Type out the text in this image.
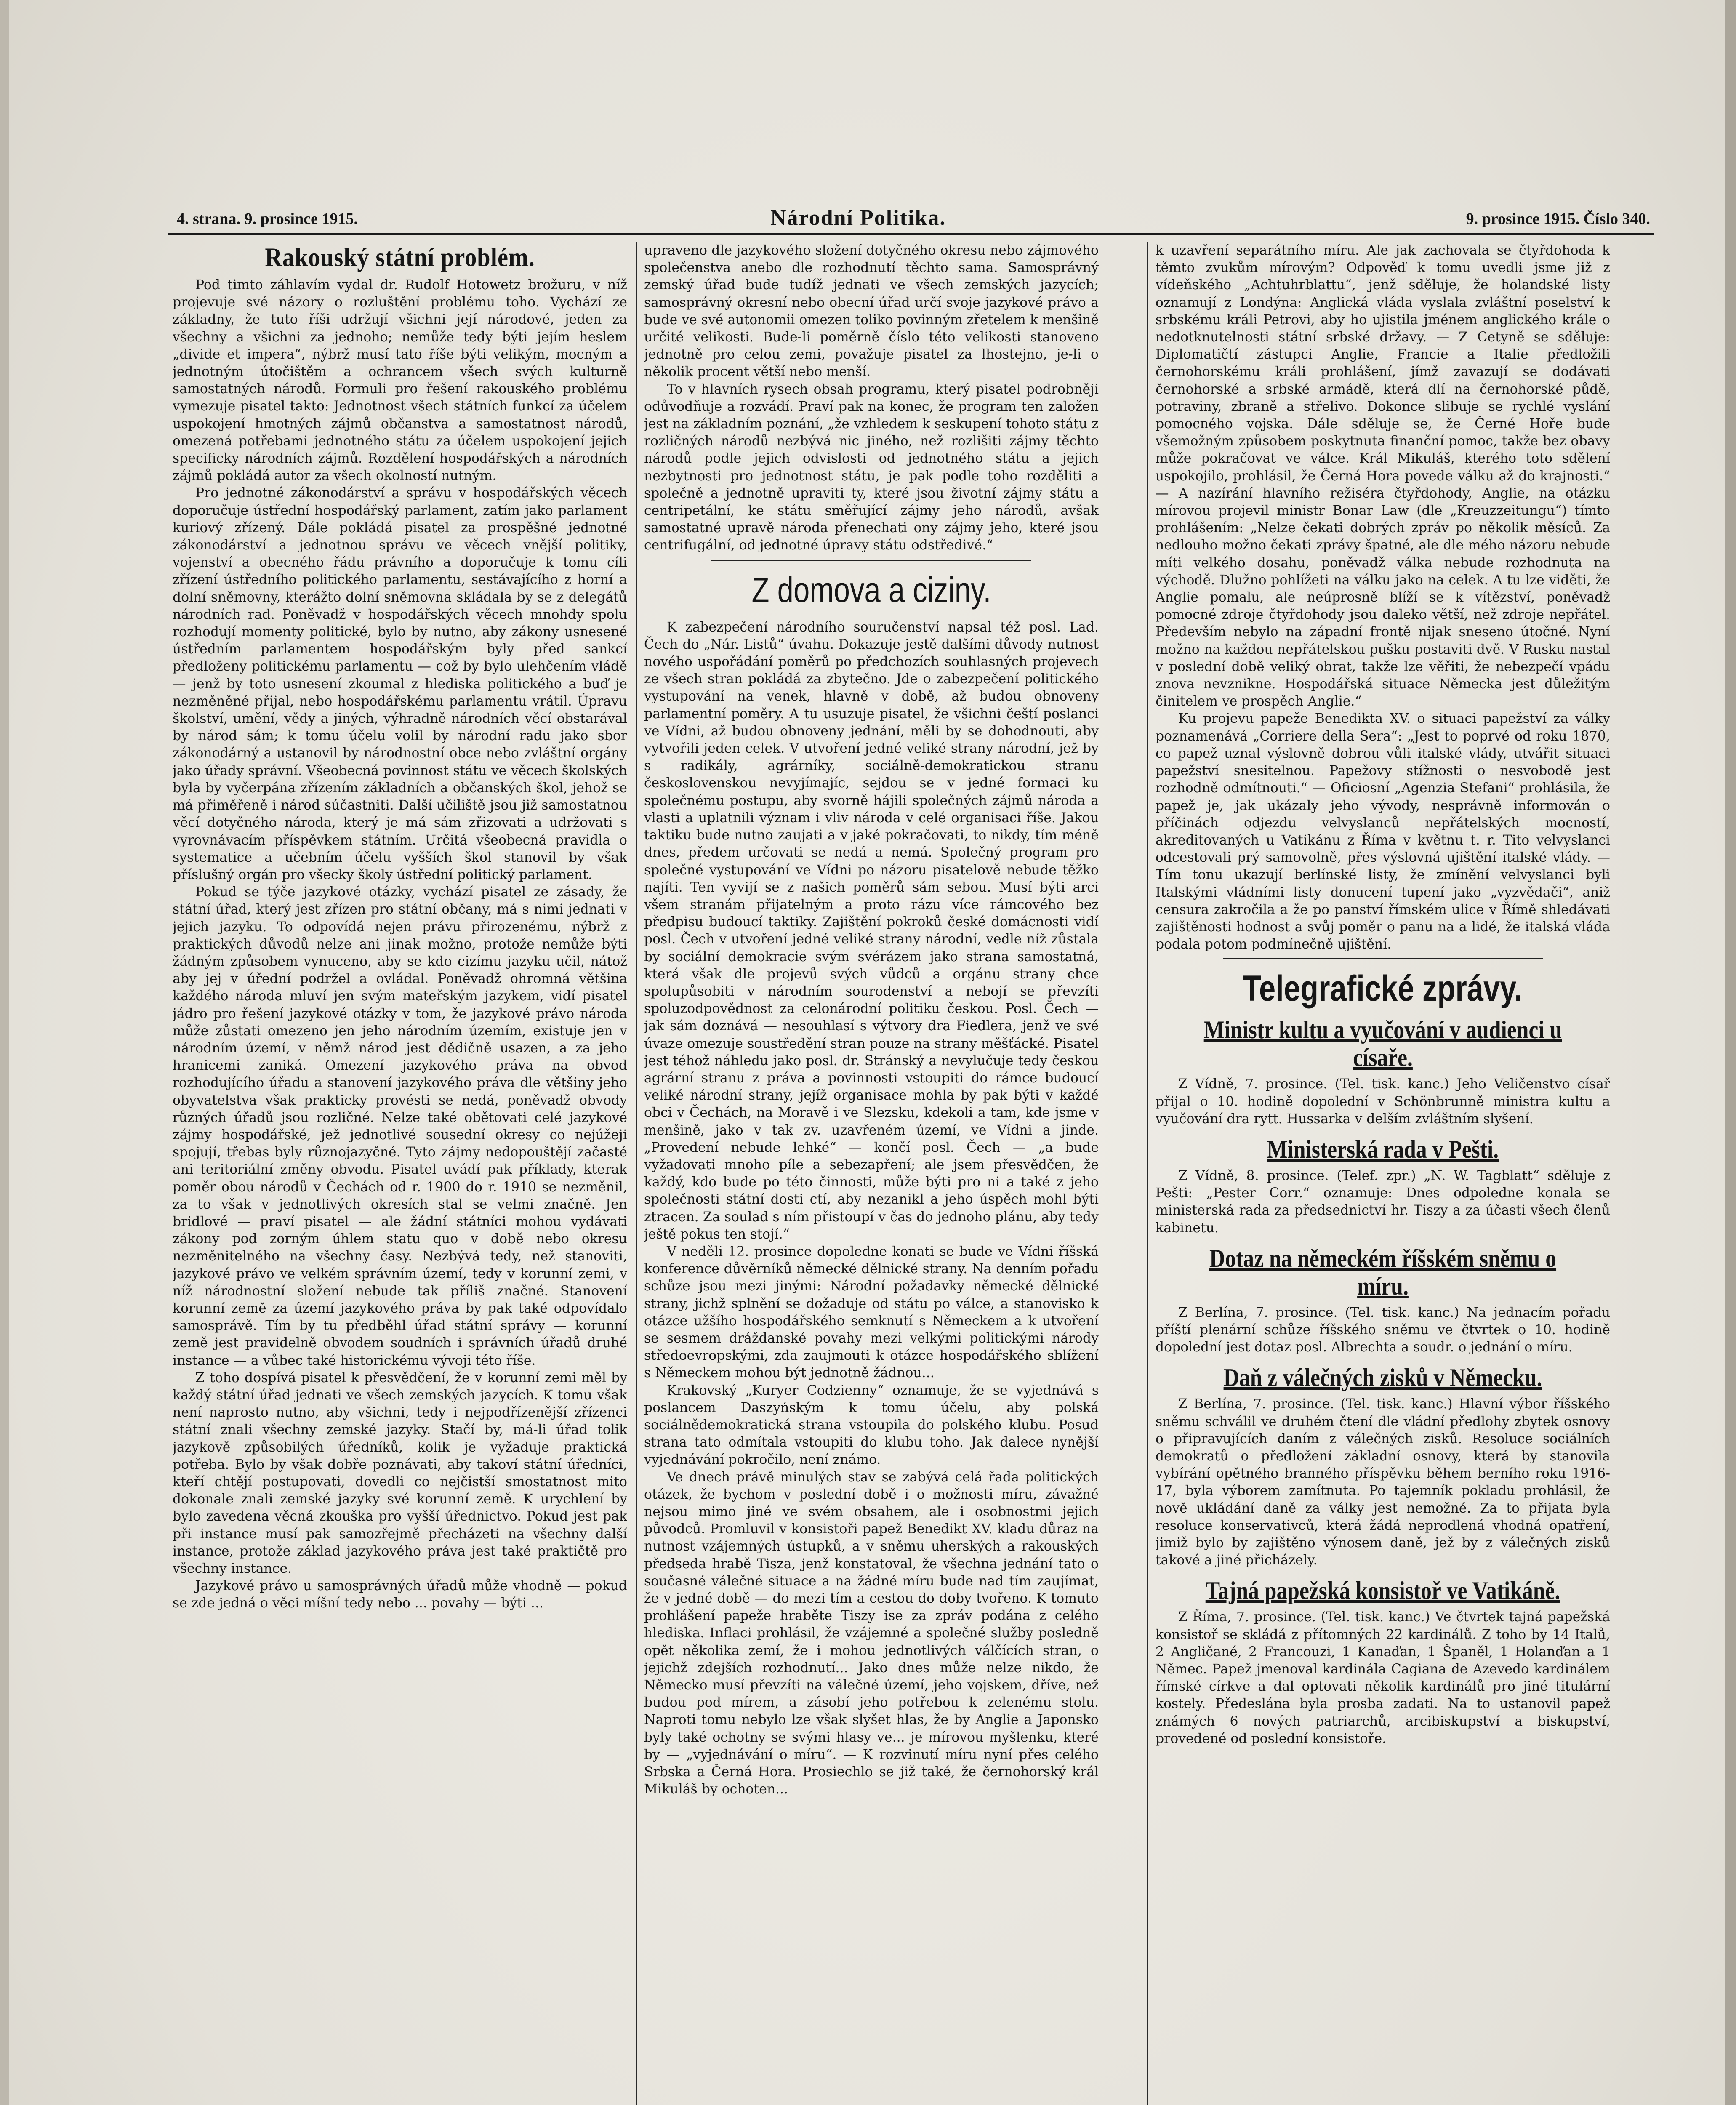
4. strana. 9. prosince 1915.	Národní Politika.	9. prosince 1915. Číslo 340.
Rakouský státní problém.

Pod timto záhlavím vydal dr. Rudolf Hotowetz brožuru, v níž projevuje své názory o rozluštění problému toho. Vychází ze základny, že tuto říši udržují všichni její národové, jeden za všechny a všichni za jednoho; nemůže tedy býti jejím heslem „divide et impera“, nýbrž musí tato říše býti velikým, mocným a jednotným útočištěm a ochrancem všech svých kulturně samostatných národů. Formuli pro řešení rakouského problému vymezuje pisatel takto: Jednotnost všech státních funkcí za účelem uspokojení hmotných zájmů občanstva a samostatnost národů, omezená potřebami jednotného státu za účelem uspokojení jejich specificky národních zájmů. Rozdělení hospodářských a národních zájmů pokládá autor za všech okolností nutným.

Pro jednotné zákonodárství a správu v hospodářských věcech doporučuje ústřední hospodářský parlament, zatím jako parlament kuriový zřízený. Dále pokládá pisatel za prospěšné jednotné zákonodárství a jednotnou správu ve věcech vnější politiky, vojenství a obecného řádu právního a doporučuje k tomu cíli zřízení ústředního politického parlamentu, sestávajícího z horní a dolní sněmovny, kterážto dolní sněmovna skládala by se z delegátů národních rad. Poněvadž v hospodářských věcech mnohdy spolu rozhodují momenty politické, bylo by nutno, aby zákony usnesené ústředním parlamentem hospodářským byly před sankcí předloženy politickému parlamentu — což by bylo ulehčením vládě — jenž by toto usnesení zkoumal z hlediska politického a buď je nezměněné přijal, nebo hospodářskému parlamentu vrátil. Úpravu školství, umění, vědy a jiných, výhradně národních věcí obstarával by národ sám; k tomu účelu volil by národní radu jako sbor zákonodárný a ustanovil by národnostní obce nebo zvláštní orgány jako úřady správní. Všeobecná povinnost státu ve věcech školských byla by vyčerpána zřízením základních a občanských škol, jehož se má přiměřeně i národ súčastniti. Další učiliště jsou již samostatnou věcí dotyčného národa, který je má sám zřizovati a udržovati s vyrovnávacím příspěvkem státním. Určitá všeobecná pravidla o systematice a učebním účelu vyšších škol stanovil by však příslušný orgán pro všecky školy ústřední politický parlament.

Pokud se týče jazykové otázky, vychází pisatel ze zásady, že státní úřad, který jest zřízen pro státní občany, má s nimi jednati v jejich jazyku. To odpovídá nejen právu přirozenému, nýbrž z praktických důvodů nelze ani jinak možno, protože nemůže býti žádným způsobem vynuceno, aby se kdo cizímu jazyku učil, nátož aby jej v úřední podržel a ovládal. Poněvadž ohromná většina každého národa mluví jen svým mateřským jazykem, vidí pisatel jádro pro řešení jazykové otázky v tom, že jazykové právo národa může zůstati omezeno jen jeho národním územím, existuje jen v národním území, v němž národ jest dědičně usazen, a za jeho hranicemi zaniká. Omezení jazykového práva na obvod rozhodujícího úřadu a stanovení jazykového práva dle většiny jeho obyvatelstva však prakticky provésti se nedá, poněvadž obvody různých úřadů jsou rozličné. Nelze také obětovati celé jazykové zájmy hospodářské, jež jednotlivé sousední okresy co nejúžeji spojují, třebas byly různojazyčné. Tyto zájmy nedopouštějí začasté ani teritoriální změny obvodu. Pisatel uvádí pak příklady, kterak poměr obou národů v Čechách od r. 1900 do r. 1910 se nezměnil, za to však v jednotlivých okresích stal se velmi značně. Jen bridlové — praví pisatel — ale žádní státníci mohou vydávati zákony pod zorným úhlem statu quo v době nebo okresu nezměnitelného na všechny časy. Nezbývá tedy, než stanoviti, jazykové právo ve velkém správním území, tedy v korunní zemi, v níž národnostní složení nebude tak příliš značné. Stanovení korunní země za území jazykového práva by pak také odpovídalo samosprávě. Tím by tu předběhl úřad státní správy — korunní země jest pravidelně obvodem soudních i správních úřadů druhé instance — a vůbec také historickému vývoji této říše.

Z toho dospívá pisatel k přesvědčení, že v korunní zemi měl by každý státní úřad jednati ve všech zemských jazycích. K tomu však není naprosto nutno, aby všichni, tedy i nejpodřízenější zřízenci státní znali všechny zemské jazyky. Stačí by, má-li úřad tolik jazykově způsobilých úředníků, kolik je vyžaduje praktická potřeba. Bylo by však dobře poznávati, aby takoví státní úředníci, kteří chtějí postupovati, dovedli co nejčistší smostatnost mito dokonale znali zemské jazyky své korunní země. K urychlení by bylo zavedena věcná zkouška pro vyšší úřednictvo. Pokud jest pak při instance musí pak samozřejmě přecházeti na všechny další instance, protože základ jazykového práva jest také praktičtě pro všechny instance.

Jazykové právo u samosprávných úřadů může vhodně — pokud se zde jedná o věci míšní tedy nebo ... povahy — býti ...

upraveno dle jazykového složení dotyčného okresu nebo zájmového společenstva anebo dle rozhodnutí těchto sama. Samosprávný zemský úřad bude tudíž jednati ve všech zemských jazycích; samosprávný okresní nebo obecní úřad určí svoje jazykové právo a bude ve své autonomii omezen toliko povinným zřetelem k menšině určité velikosti. Bude-li poměrně číslo této velikosti stanoveno jednotně pro celou zemi, považuje pisatel za lhostejno, je-li o několik procent větší nebo menší.

To v hlavních rysech obsah programu, který pisatel podrobněji odůvodňuje a rozvádí. Praví pak na konec, že program ten založen jest na základním poznání, „že vzhledem k seskupení tohoto státu z rozličných národů nezbývá nic jiného, než rozlišiti zájmy těchto národů podle jejich odvislosti od jednotného státu a jejich nezbytnosti pro jednotnost státu, je pak podle toho rozděliti a společně a jednotně upraviti ty, které jsou životní zájmy státu a centripetální, ke státu směřující zájmy jeho národů, avšak samostatné upravě národa přenechati ony zájmy jeho, které jsou centrifugální, od jednotné úpravy státu odstředivé.“

Z domova a ciziny.

K zabezpečení národního souručenství napsal též posl. Lad. Čech do „Nár. Listů“ úvahu. Dokazuje jestě dalšími důvody nutnost nového uspořádání poměrů po předchozích souhlasných projevech ze všech stran pokládá za zbytečno. Jde o zabezpečení politického vystupování na venek, hlavně v době, až budou obnoveny parlamentní poměry. A tu usuzuje pisatel, že všichni čeští poslanci ve Vídni, až budou obnoveny jednání, měli by se dohodnouti, aby vytvořili jeden celek. V utvoření jedné veliké strany národní, jež by s radikály, agrárníky, sociálně-demokratickou stranu československou nevyjímajíc, sejdou se v jedné formaci ku společnému postupu, aby svorně hájili společných zájmů národa a vlasti a uplatnili význam i vliv národa v celé organisaci říše. Jakou taktiku bude nutno zaujati a v jaké pokračovati, to nikdy, tím méně dnes, předem určovati se nedá a nemá. Společný program pro společné vystupování ve Vídni po názoru pisatelově nebude těžko najíti. Ten vyvijí se z našich poměrů sám sebou. Musí býti arci všem stranám přijatelným a proto rázu více rámcového bez předpisu budoucí taktiky. Zajištění pokroků české domácnosti vidí posl. Čech v utvoření jedné veliké strany národní, vedle níž zůstala by sociální demokracie svým svérázem jako strana samostatná, která však dle projevů svých vůdců a orgánu strany chce spolupůsobiti v národním sourodenství a nebojí se převzíti spoluzodpovědnost za celonárodní politiku českou. Posl. Čech — jak sám doznává — nesouhlasí s výtvory dra Fiedlera, jenž ve své úvaze omezuje soustředění stran pouze na strany měšťácké. Pisatel jest téhož náhledu jako posl. dr. Stránský a nevylučuje tedy českou agrární stranu z práva a povinnosti vstoupiti do rámce budoucí veliké národní strany, jejíž organisace mohla by pak býti v každé obci v Čechách, na Moravě i ve Slezsku, kdekoli a tam, kde jsme v menšině, jako v tak zv. uzavřeném území, ve Vídni a jinde. „Provedení nebude lehké“ — končí posl. Čech — „a bude vyžadovati mnoho píle a sebezapření; ale jsem přesvědčen, že každý, kdo bude po této činnosti, může býti pro ni a také z jeho společnosti státní dosti ctí, aby nezanikl a jeho úspěch mohl býti ztracen. Za soulad s ním přistoupí v čas do jednoho plánu, aby tedy ještě pokus ten stojí.“

V neděli 12. prosince dopoledne konati se bude ve Vídni říšská konference důvěrníků německé dělnické strany. Na denním pořadu schůze jsou mezi jinými: Národní požadavky německé dělnické strany, jichž splnění se dožaduje od státu po válce, a stanovisko k otázce užšího hospodářského semknutí s Německem a k utvoření se sesmem dráždanské povahy mezi velkými politickými národy středoevropskými, zda zaujmouti k otázce hospodářského sblížení s Německem mohou být jednotně žádnou...

Krakovský „Kuryer Codzienny“ oznamuje, že se vyjednává s poslancem Daszyńským k tomu účelu, aby polská sociálnědemokratická strana vstoupila do polského klubu. Posud strana tato odmítala vstoupiti do klubu toho. Jak dalece nynější vyjednávání pokročilo, není známo.

Ve dnech právě minulých stav se zabývá celá řada politických otázek, že bychom v poslední době i o možnosti míru, závažné nejsou mimo jiné ve svém obsahem, ale i osobnostmi jejich původců. Promluvil v konsistoři papež Benedikt XV. kladu důraz na nutnost vzájemných ústupků, a v sněmu uherských a rakouských předseda hrabě Tisza, jenž konstatoval, že všechna jednání tato o současné válečné situace a na žádné míru bude nad tím zaujímat, že v jedné době — do mezi tím a cestou do doby tvořeno. K tomuto prohlášení papeže hraběte Tiszy ise za zpráv podána z celého hlediska. Inflaci prohlásil, že vzájemné a společné služby posledně opět několika zemí, že i mohou jednotlivých válčících stran, o jejichž zdejších rozhodnutí... Jako dnes může nelze nikdo, že Německo musí převzíti na válečné území, jeho vojskem, dříve, než budou pod mírem, a zásobí jeho potřebou k zelenému stolu. Naproti tomu nebylo lze však slyšet hlas, že by Anglie a Japonsko byly také ochotny se svými hlasy ve... je mírovou myšlenku, které by — „vyjednávání o míru“. — K rozvinutí míru nyní přes celého Srbska a Černá Hora. Prosiechlo se již také, že černohorský král Mikuláš by ochoten...

k uzavření separátního míru. Ale jak zachovala se čtyřdohoda k těmto zvukům mírovým? Odpověď k tomu uvedli jsme již z vídeňského „Achtuhrblattu“, jenž sděluje, že holandské listy oznamují z Londýna: Anglická vláda vyslala zvláštní poselství k srbskému králi Petrovi, aby ho ujistila jménem anglického krále o nedotknutelnosti státní srbské državy. — Z Cetyně se sděluje: Diplomatičtí zástupci Anglie, Francie a Italie předložili černohorskému králi prohlášení, jímž zavazují se dodávati černohorské a srbské armádě, která dlí na černohorské půdě, potraviny, zbraně a střelivo. Dokonce slibuje se rychlé vyslání pomocného vojska. Dále sděluje se, že Černé Hoře bude všemožným způsobem poskytnuta finanční pomoc, takže bez obavy může pokračovat ve válce. Král Mikuláš, kterého toto sdělení uspokojilo, prohlásil, že Černá Hora povede válku až do krajnosti.“ — A nazírání hlavního režiséra čtyřdohody, Anglie, na otázku mírovou projevil ministr Bonar Law (dle „Kreuzzeitungu“) tímto prohlášením: „Nelze čekati dobrých zpráv po několik měsíců. Za nedlouho možno čekati zprávy špatné, ale dle mého názoru nebude míti velkého dosahu, poněvadž válka nebude rozhodnuta na východě. Dlužno pohlížeti na válku jako na celek. A tu lze viděti, že Anglie pomalu, ale neúprosně blíží se k vítězství, poněvadž pomocné zdroje čtyřdohody jsou daleko větší, než zdroje nepřátel. Především nebylo na západní frontě nijak sneseno útočné. Nyní možno na každou nepřátelskou pušku postaviti dvě. V Rusku nastal v poslední době veliký obrat, takže lze věřiti, že nebezpečí vpádu znova nevznikne. Hospodářská situace Německa jest důležitým činitelem ve prospěch Anglie.“

Ku projevu papeže Benedikta XV. o situaci papežství za války poznamenává „Corriere della Sera“: „Jest to poprvé od roku 1870, co papež uznal výslovně dobrou vůli italské vlády, utvářit situaci papežství snesitelnou. Papežovy stížnosti o nesvobodě jest rozhodně odmítnouti.“ — Oficiosní „Agenzia Stefani“ prohlásila, že papež je, jak ukázaly jeho vývody, nesprávně informován o příčinách odjezdu velvyslanců nepřátelských mocností, akreditovaných u Vatikánu z Říma v květnu t. r. Tito velvyslanci odcestovali prý samovolně, přes výslovná ujištění italské vlády. — Tím tonu ukazují berlínské listy, že zmínění velvyslanci byli Italskými vládními listy donucení tupení jako „vyzvědači“, aniž censura zakročila a že po panství římském ulice v Římě shledávati zajištěnosti hodnost a svůj poměr o panu na a lidé, že italská vláda podala potom podmínečně ujištění.

Telegrafické zprávy.
Ministr kultu a vyučování v audienci u císaře.

Z Vídně, 7. prosince. (Tel. tisk. kanc.) Jeho Veličenstvo císař přijal o 10. hodině dopolední v Schönbrunně ministra kultu a vyučování dra rytt. Hussarka v delším zvláštním slyšení.

Ministerská rada v Pešti.

Z Vídně, 8. prosince. (Telef. zpr.) „N. W. Tagblatt“ sděluje z Pešti: „Pester Corr.“ oznamuje: Dnes odpoledne konala se ministerská rada za předsednictví hr. Tiszy a za účasti všech členů kabinetu.

Dotaz na německém říšském sněmu o míru.

Z Berlína, 7. prosince. (Tel. tisk. kanc.) Na jednacím pořadu příští plenární schůze říšského sněmu ve čtvrtek o 10. hodině dopolední jest dotaz posl. Albrechta a soudr. o jednání o míru.

Daň z válečných zisků v Německu.

Z Berlína, 7. prosince. (Tel. tisk. kanc.) Hlavní výbor říšského sněmu schválil ve druhém čtení dle vládní předlohy zbytek osnovy o připravujících daním z válečných zisků. Resoluce sociálních demokratů o předložení základní osnovy, která by stanovila vybírání opětného branného příspěvku během berního roku 1916-17, byla výborem zamítnuta. Po tajemník pokladu prohlásil, že nově ukládání daně za války jest nemožné. Za to přijata byla resoluce konservativců, která žádá neprodlená vhodná opatření, jimiž bylo by zajištěno výnosem daně, jež by z válečných zisků takové a jiné přicházely.

Tajná papežská konsistoř ve Vatikáně.

Z Říma, 7. prosince. (Tel. tisk. kanc.) Ve čtvrtek tajná papežská konsistoř se skládá z přítomných 22 kardinálů. Z toho by 14 Italů, 2 Angličané, 2 Francouzi, 1 Kanaďan, 1 Španěl, 1 Holanďan a 1 Němec. Papež jmenoval kardinála Cagiana de Azevedo kardinálem římské církve a dal optovati několik kardinálů pro jiné titulární kostely. Předeslána byla prosba zadati. Na to ustanovil papež známých 6 nových patriarchů, arcibiskupství a biskupství, provedené od poslední konsistoře.
